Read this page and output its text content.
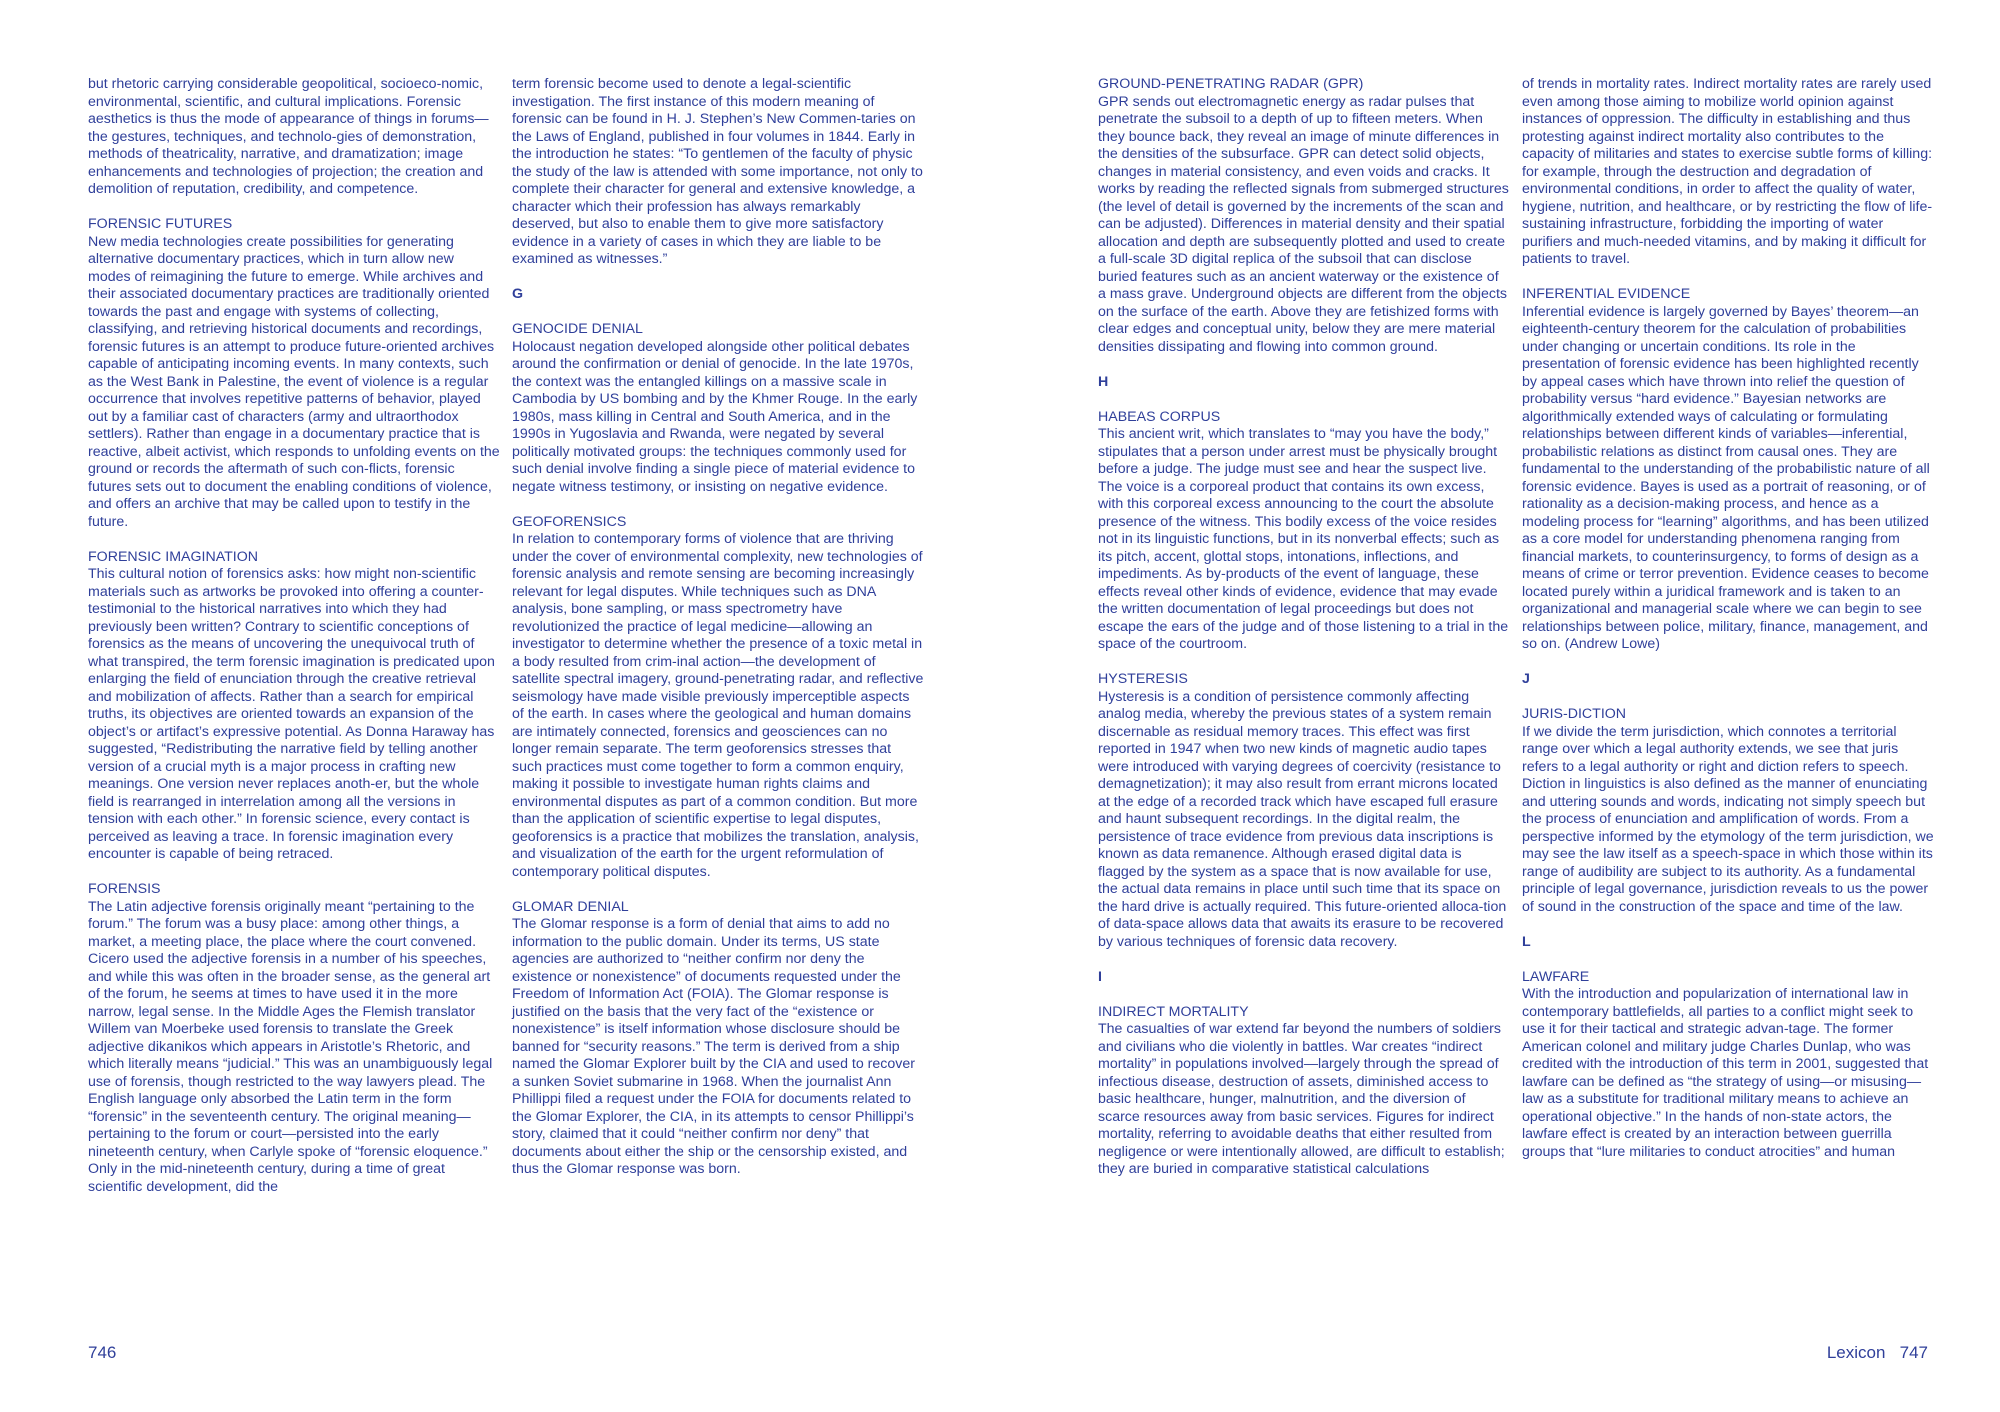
but rhetoric carrying considerable geopolitical, socioeco-nomic, environmental, scientific, and cultural implications. Forensic aesthetics is thus the mode of appearance of things in forums—the gestures, techniques, and technolo-gies of demonstration, methods of theatricality, narrative, and dramatization; image enhancements and technologies of projection; the creation and demolition of reputation, credibility, and competence.

FORENSIC FUTURES

New media technologies create possibilities for generating alternative documentary practices, which in turn allow new modes of reimagining the future to emerge. While archives and their associated documentary practices are traditionally oriented towards the past and engage with systems of collecting, classifying, and retrieving historical documents and recordings, forensic futures is an attempt to produce future-oriented archives capable of anticipating incoming events. In many contexts, such as the West Bank in Palestine, the event of violence is a regular occurrence that involves repetitive patterns of behavior, played out by a familiar cast of characters (army and ultraorthodox settlers). Rather than engage in a documentary practice that is reactive, albeit activist, which responds to unfolding events on the ground or records the aftermath of such con-flicts, forensic futures sets out to document the enabling conditions of violence, and offers an archive that may be called upon to testify in the future.

FORENSIC IMAGINATION

This cultural notion of forensics asks: how might non-scientific materials such as artworks be provoked into offering a counter-testimonial to the historical narratives into which they had previously been written? Contrary to scientific conceptions of forensics as the means of uncovering the unequivocal truth of what transpired, the term forensic imagination is predicated upon enlarging the field of enunciation through the creative retrieval and mobilization of affects. Rather than a search for empirical truths, its objectives are oriented towards an expansion of the object’s or artifact’s expressive potential. As Donna Haraway has suggested, “Redistributing the narrative field by telling another version of a crucial myth is a major process in crafting new meanings. One version never replaces anoth-er, but the whole field is rearranged in interrelation among all the versions in tension with each other.” In forensic science, every contact is perceived as leaving a trace. In forensic imagination every encounter is capable of being retraced.

FORENSIS

The Latin adjective forensis originally meant “pertaining to the forum.” The forum was a busy place: among other things, a market, a meeting place, the place where the court convened. Cicero used the adjective forensis in a number of his speeches, and while this was often in the broader sense, as the general art of the forum, he seems at times to have used it in the more narrow, legal sense. In the Middle Ages the Flemish translator Willem van Moerbeke used forensis to translate the Greek adjective dikanikos which appears in Aristotle’s Rhetoric, and which literally means “judicial.” This was an unambiguously legal use of forensis, though restricted to the way lawyers plead. The English language only absorbed the Latin term in the form “forensic” in the seventeenth century. The original meaning—pertaining to the forum or court—persisted into the early nineteenth century, when Carlyle spoke of “forensic eloquence.” Only in the mid-nineteenth century, during a time of great scientific development, did the

term forensic become used to denote a legal-scientific investigation. The first instance of this modern meaning of forensic can be found in H. J. Stephen’s New Commen-taries on the Laws of England, published in four volumes in 1844. Early in the introduction he states: “To gentlemen of the faculty of physic the study of the law is attended with some importance, not only to complete their character for general and extensive knowledge, a character which their profession has always remarkably deserved, but also to enable them to give more satisfactory evidence in a variety of cases in which they are liable to be examined as witnesses.”

G

GENOCIDE DENIAL

Holocaust negation developed alongside other political debates around the confirmation or denial of genocide. In the late 1970s, the context was the entangled killings on a massive scale in Cambodia by US bombing and by the Khmer Rouge. In the early 1980s, mass killing in Central and South America, and in the 1990s in Yugoslavia and Rwanda, were negated by several politically motivated groups: the techniques commonly used for such denial involve finding a single piece of material evidence to negate witness testimony, or insisting on negative evidence.

GEOFORENSICS

In relation to contemporary forms of violence that are thriving under the cover of environmental complexity, new technologies of forensic analysis and remote sensing are becoming increasingly relevant for legal disputes. While techniques such as DNA analysis, bone sampling, or mass spectrometry have revolutionized the practice of legal medicine—allowing an investigator to determine whether the presence of a toxic metal in a body resulted from crim-inal action—the development of satellite spectral imagery, ground-penetrating radar, and reflective seismology have made visible previously imperceptible aspects of the earth. In cases where the geological and human domains are intimately connected, forensics and geosciences can no longer remain separate. The term geoforensics stresses that such practices must come together to form a common enquiry, making it possible to investigate human rights claims and environmental disputes as part of a common condition. But more than the application of scientific expertise to legal disputes, geoforensics is a practice that mobilizes the translation, analysis, and visualization of the earth for the urgent reformulation of contemporary political disputes.

GLOMAR DENIAL

The Glomar response is a form of denial that aims to add no information to the public domain. Under its terms, US state agencies are authorized to “neither confirm nor deny the existence or nonexistence” of documents requested under the Freedom of Information Act (FOIA). The Glomar response is justified on the basis that the very fact of the “existence or nonexistence” is itself information whose disclosure should be banned for “security reasons.” The term is derived from a ship named the Glomar Explorer built by the CIA and used to recover a sunken Soviet submarine in 1968. When the journalist Ann Phillippi filed a request under the FOIA for documents related to the Glomar Explorer, the CIA, in its attempts to censor Phillippi’s story, claimed that it could “neither confirm nor deny” that documents about either the ship or the censorship existed, and thus the Glomar response was born.

746

GROUND-PENETRATING RADAR (GPR)

GPR sends out electromagnetic energy as radar pulses that penetrate the subsoil to a depth of up to fifteen meters. When they bounce back, they reveal an image of minute differences in the densities of the subsurface. GPR can detect solid objects, changes in material consistency, and even voids and cracks. It works by reading the reflected signals from submerged structures (the level of detail is governed by the increments of the scan and can be adjusted). Differences in material density and their spatial allocation and depth are subsequently plotted and used to create a full-scale 3D digital replica of the subsoil that can disclose buried features such as an ancient waterway or the existence of a mass grave. Underground objects are different from the objects on the surface of the earth. Above they are fetishized forms with clear edges and conceptual unity, below they are mere material densities dissipating and flowing into common ground.

H

HABEAS CORPUS

This ancient writ, which translates to “may you have the body,” stipulates that a person under arrest must be physically brought before a judge. The judge must see and hear the suspect live. The voice is a corporeal product that contains its own excess, with this corporeal excess announcing to the court the absolute presence of the witness. This bodily excess of the voice resides not in its linguistic functions, but in its nonverbal effects; such as its pitch, accent, glottal stops, intonations, inflections, and impediments. As by-products of the event of language, these effects reveal other kinds of evidence, evidence that may evade the written documentation of legal proceedings but does not escape the ears of the judge and of those listening to a trial in the space of the courtroom.

HYSTERESIS

Hysteresis is a condition of persistence commonly affecting analog media, whereby the previous states of a system remain discernable as residual memory traces. This effect was first reported in 1947 when two new kinds of magnetic audio tapes were introduced with varying degrees of coercivity (resistance to demagnetization); it may also result from errant microns located at the edge of a recorded track which have escaped full erasure and haunt subsequent recordings. In the digital realm, the persistence of trace evidence from previous data inscriptions is known as data remanence. Although erased digital data is flagged by the system as a space that is now available for use, the actual data remains in place until such time that its space on the hard drive is actually required. This future-oriented alloca-tion of data-space allows data that awaits its erasure to be recovered by various techniques of forensic data recovery.

I

INDIRECT MORTALITY

The casualties of war extend far beyond the numbers of soldiers and civilians who die violently in battles. War creates “indirect mortality” in populations involved—largely through the spread of infectious disease, destruction of assets, diminished access to basic healthcare, hunger, malnutrition, and the diversion of scarce resources away from basic services. Figures for indirect mortality, referring to avoidable deaths that either resulted from negligence or were intentionally allowed, are difficult to establish; they are buried in comparative statistical calculations

of trends in mortality rates. Indirect mortality rates are rarely used even among those aiming to mobilize world opinion against instances of oppression. The difficulty in establishing and thus protesting against indirect mortality also contributes to the capacity of militaries and states to exercise subtle forms of killing: for example, through the destruction and degradation of environmental conditions, in order to affect the quality of water, hygiene, nutrition, and healthcare, or by restricting the flow of life-sustaining infrastructure, forbidding the importing of water purifiers and much-needed vitamins, and by making it difficult for patients to travel.

INFERENTIAL EVIDENCE

Inferential evidence is largely governed by Bayes’ theorem—an eighteenth-century theorem for the calculation of probabilities under changing or uncertain conditions. Its role in the presentation of forensic evidence has been highlighted recently by appeal cases which have thrown into relief the question of probability versus “hard evidence.” Bayesian networks are algorithmically extended ways of calculating or formulating relationships between different kinds of variables—inferential, probabilistic relations as distinct from causal ones. They are fundamental to the understanding of the probabilistic nature of all forensic evidence. Bayes is used as a portrait of reasoning, or of rationality as a decision-making process, and hence as a modeling process for “learning” algorithms, and has been utilized as a core model for understanding phenomena ranging from financial markets, to counterinsurgency, to forms of design as a means of crime or terror prevention. Evidence ceases to become located purely within a juridical framework and is taken to an organizational and managerial scale where we can begin to see relationships between police, military, finance, management, and so on. (Andrew Lowe)

J

JURIS-DICTION

If we divide the term jurisdiction, which connotes a territorial range over which a legal authority extends, we see that juris refers to a legal authority or right and diction refers to speech. Diction in linguistics is also defined as the manner of enunciating and uttering sounds and words, indicating not simply speech but the process of enunciation and amplification of words. From a perspective informed by the etymology of the term jurisdiction, we may see the law itself as a speech-space in which those within its range of audibility are subject to its authority. As a fundamental principle of legal governance, jurisdiction reveals to us the power of sound in the construction of the space and time of the law.

L

LAWFARE

With the introduction and popularization of international law in contemporary battlefields, all parties to a conflict might seek to use it for their tactical and strategic advan-tage. The former American colonel and military judge Charles Dunlap, who was credited with the introduction of this term in 2001, suggested that lawfare can be defined as “the strategy of using—or misusing—law as a substitute for traditional military means to achieve an operational objective.” In the hands of non-state actors, the lawfare effect is created by an interaction between guerrilla groups that “lure militaries to conduct atrocities” and human

Lexicon 747
